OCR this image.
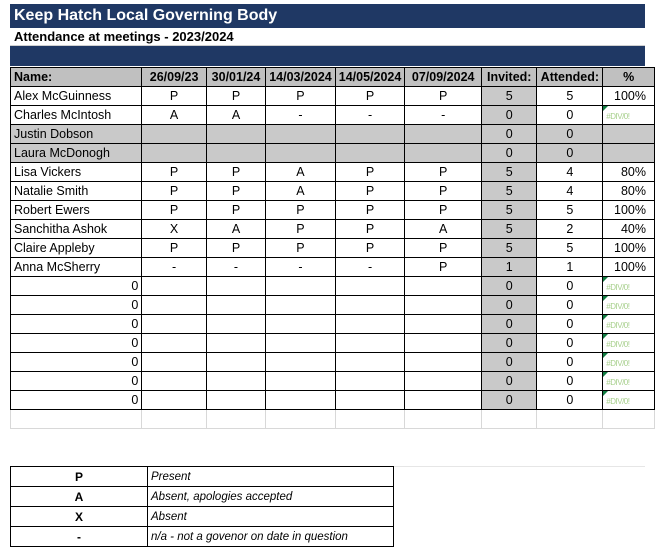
Keep Hatch Local Governing Body
Attendance at meetings - 2023/2024
Name:	26/09/23	30/01/24	14/03/2024	14/05/2024	07/09/2024	Invited:	Attended:	%
Alex McGuinness	P	P	P	P	P	5	5	100%
Charles McIntosh	A	A	-	-	-	0	0	#DIV/0!
Justin Dobson						0	0	
Laura McDonogh						0	0	
Lisa Vickers	P	P	A	P	P	5	4	80%
Natalie Smith	P	P	A	P	P	5	4	80%
Robert Ewers	P	P	P	P	P	5	5	100%
Sanchitha Ashok	X	A	P	P	A	5	2	40%
Claire Appleby	P	P	P	P	P	5	5	100%
Anna McSherry	-	-	-	-	P	1	1	100%
0						0	0	#DIV/0!
0						0	0	#DIV/0!
0						0	0	#DIV/0!
0						0	0	#DIV/0!
0						0	0	#DIV/0!
0						0	0	#DIV/0!
0						0	0	#DIV/0!

P	Present
A	Absent, apologies accepted
X	Absent
-	n/a - not a govenor on date in question
